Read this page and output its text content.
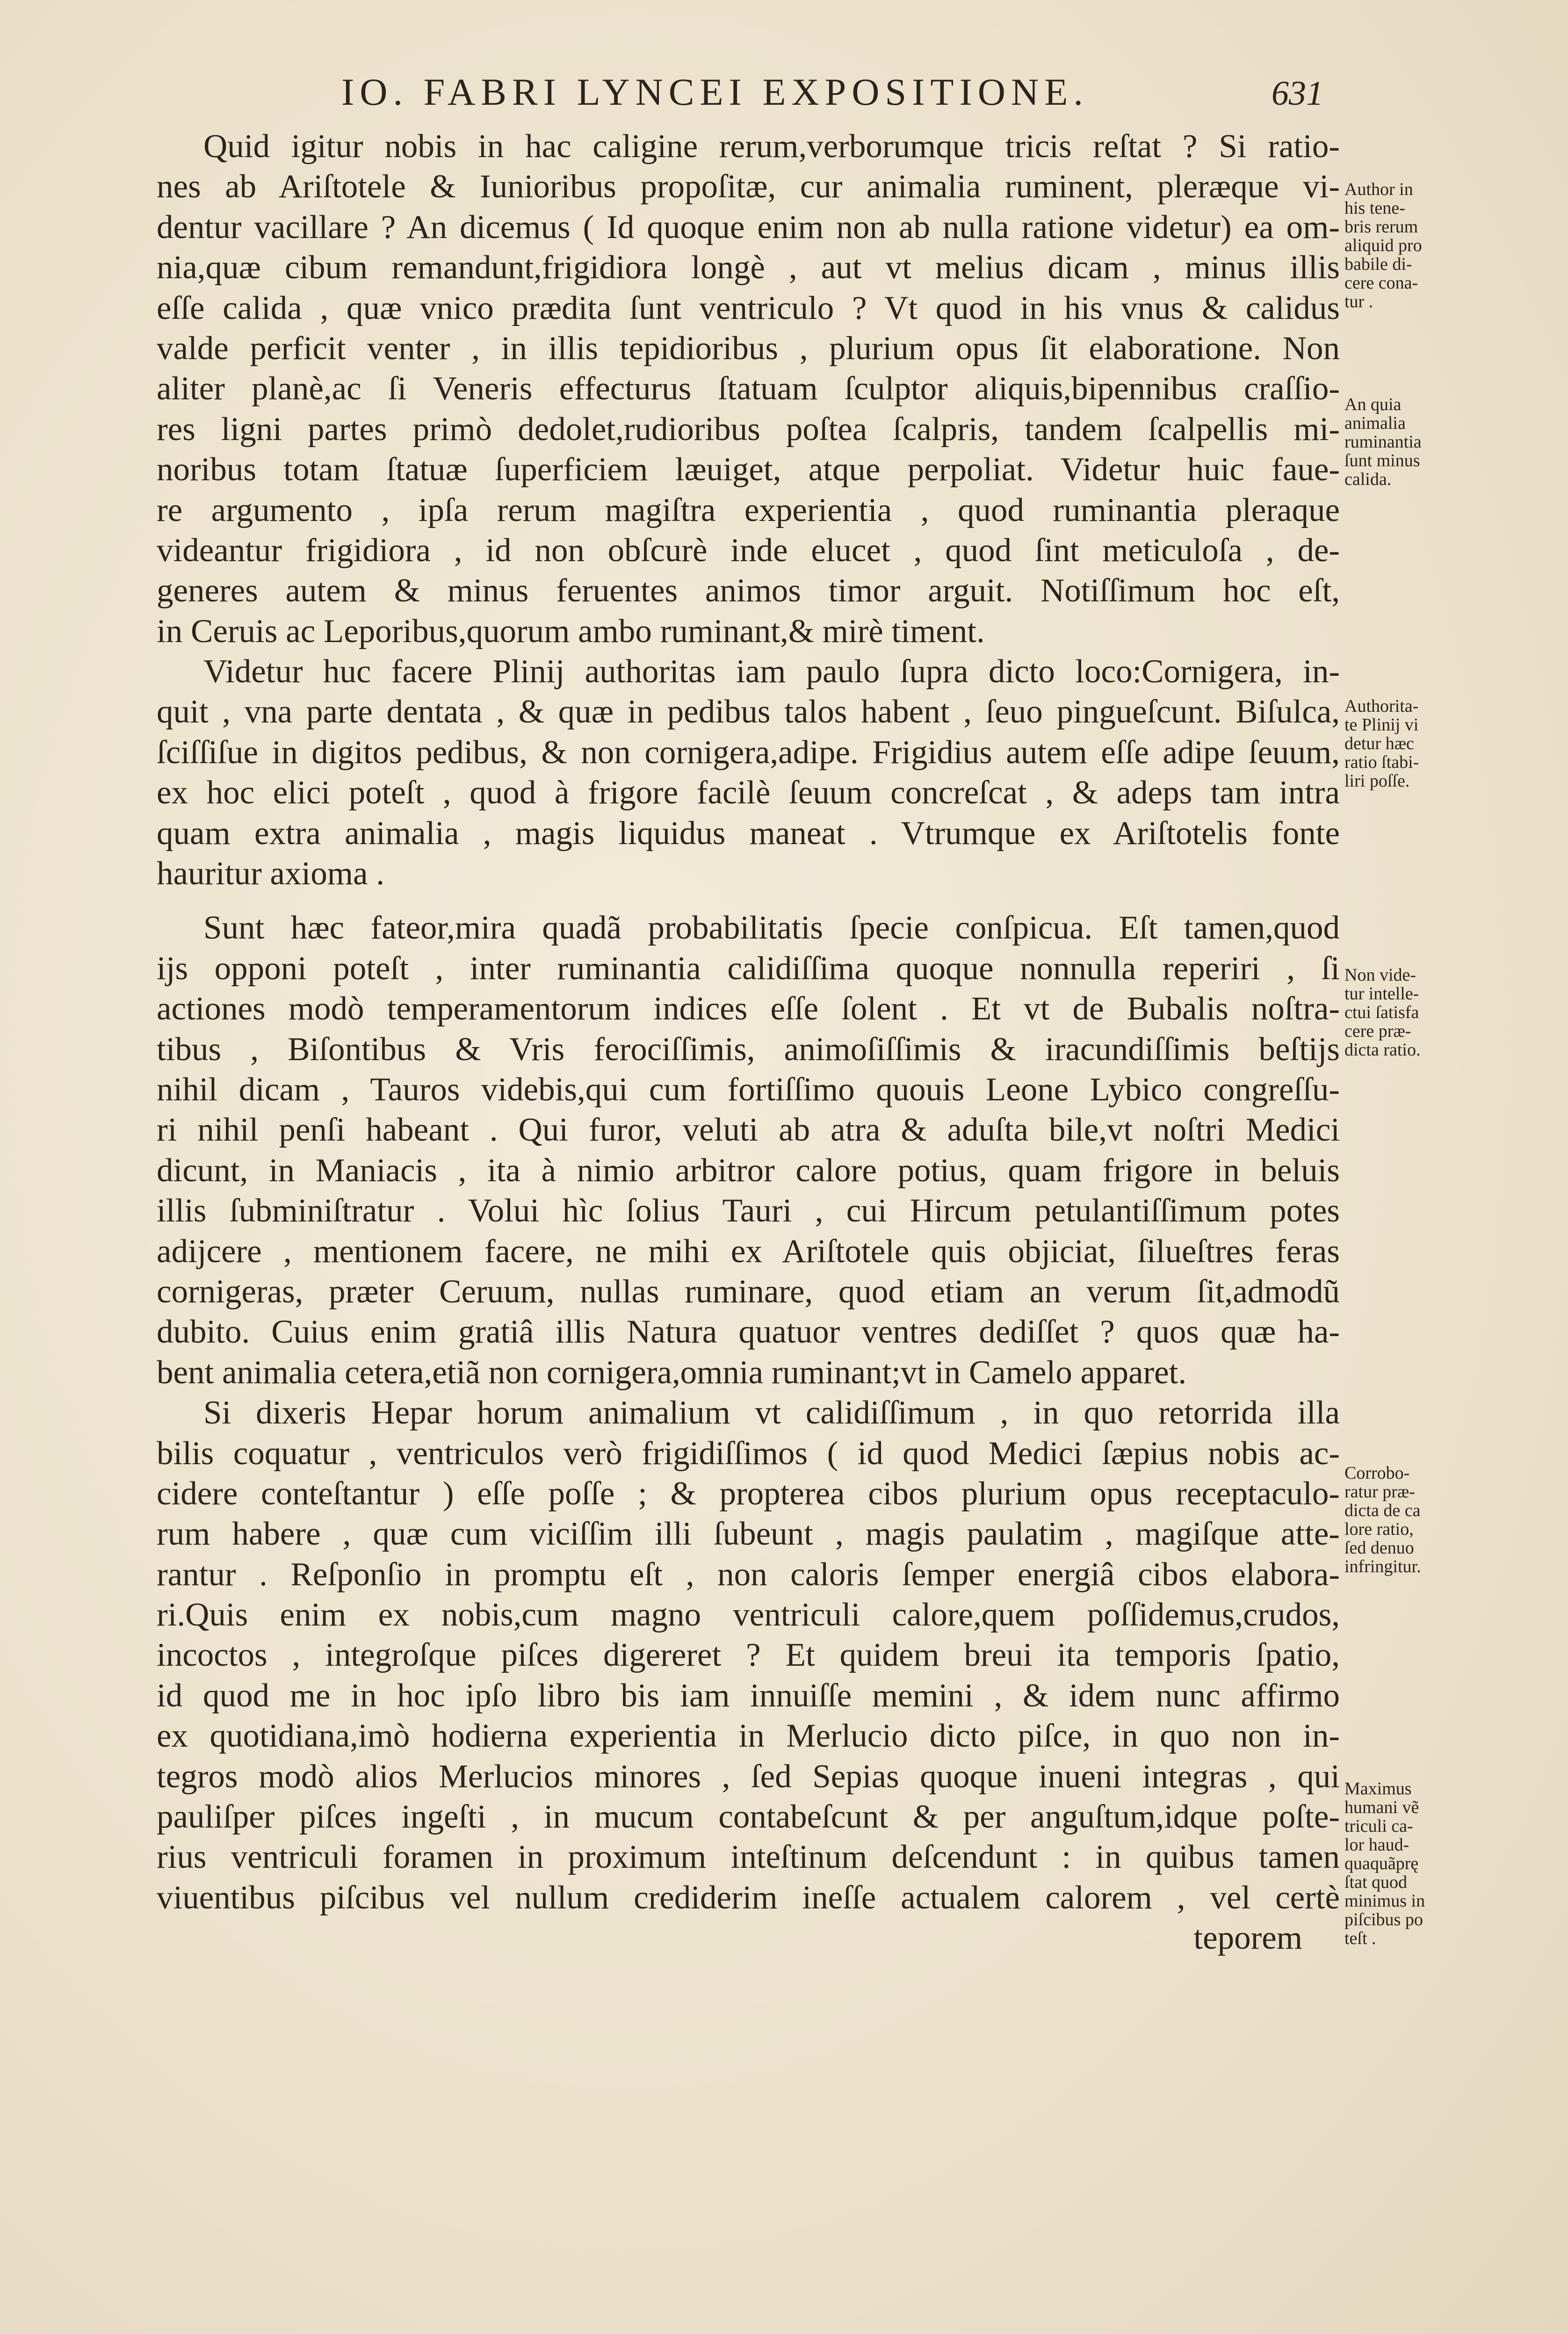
IO. FABRI LYNCEI EXPOSITIONE.	631
Quid igitur nobis in hac caligine rerum,verborumque tricis reſtat ? Si ratio-
nes ab Ariſtotele & Iunioribus propoſitæ, cur animalia ruminent, pleræque vi-
dentur vacillare ? An dicemus ( Id quoque enim non ab nulla ratione videtur) ea om-
nia,quæ cibum remandunt,frigidiora longè , aut vt melius dicam , minus illis
eſſe calida , quæ vnico prædita ſunt ventriculo ? Vt quod in his vnus & calidus
valde perficit venter , in illis tepidioribus , plurium opus ſit elaboratione. Non
aliter planè,ac ſi Veneris effecturus ſtatuam ſculptor aliquis,bipennibus craſſio-
res ligni partes primò dedolet,rudioribus poſtea ſcalpris, tandem ſcalpellis mi-
noribus totam ſtatuæ ſuperficiem læuiget, atque perpoliat. Videtur huic faue-
re argumento , ipſa rerum magiſtra experientia , quod ruminantia pleraque
videantur frigidiora , id non obſcurè inde elucet , quod ſint meticuloſa , de-
generes autem & minus feruentes animos timor arguit. Notiſſimum hoc eſt,
in Ceruis ac Leporibus,quorum ambo ruminant,& mirè timent.
Videtur huc facere Plinij authoritas iam paulo ſupra dicto loco:Cornigera, in-
quit , vna parte dentata , & quæ in pedibus talos habent , ſeuo pingueſcunt. Biſulca,
ſciſſiſue in digitos pedibus, & non cornigera,adipe. Frigidius autem eſſe adipe ſeuum,
ex hoc elici poteſt , quod à frigore facilè ſeuum concreſcat , & adeps tam intra
quam extra animalia , magis liquidus maneat . Vtrumque ex Ariſtotelis fonte
hauritur axioma .
Sunt hæc fateor,mira quadã probabilitatis ſpecie conſpicua. Eſt tamen,quod
ijs opponi poteſt , inter ruminantia calidiſſima quoque nonnulla reperiri , ſi
actiones modò temperamentorum indices eſſe ſolent . Et vt de Bubalis noſtra-
tibus , Biſontibus & Vris ferociſſimis, animoſiſſimis & iracundiſſimis beſtijs
nihil dicam , Tauros videbis,qui cum fortiſſimo quouis Leone Lybico congreſſu-
ri nihil penſi habeant . Qui furor, veluti ab atra & aduſta bile,vt noſtri Medici
dicunt, in Maniacis , ita à nimio arbitror calore potius, quam frigore in beluis
illis ſubminiſtratur . Volui hìc ſolius Tauri , cui Hircum petulantiſſimum potes
adijcere , mentionem facere, ne mihi ex Ariſtotele quis objiciat, ſilueſtres feras
cornigeras, præter Ceruum, nullas ruminare, quod etiam an verum ſit,admodũ
dubito. Cuius enim gratiâ illis Natura quatuor ventres dediſſet ? quos quæ ha-
bent animalia cetera,etiã non cornigera,omnia ruminant;vt in Camelo apparet.
Si dixeris Hepar horum animalium vt calidiſſimum , in quo retorrida illa
bilis coquatur , ventriculos verò frigidiſſimos ( id quod Medici ſæpius nobis ac-
cidere conteſtantur ) eſſe poſſe ; & propterea cibos plurium opus receptaculo-
rum habere , quæ cum viciſſim illi ſubeunt , magis paulatim , magiſque atte-
rantur . Reſponſio in promptu eſt , non caloris ſemper energiâ cibos elabora-
ri.Quis enim ex nobis,cum magno ventriculi calore,quem poſſidemus,crudos,
incoctos , integroſque piſces digereret ? Et quidem breui ita temporis ſpatio,
id quod me in hoc ipſo libro bis iam innuiſſe memini , & idem nunc affirmo
ex quotidiana,imò hodierna experientia in Merlucio dicto piſce, in quo non in-
tegros modò alios Merlucios minores , ſed Sepias quoque inueni integras , qui
pauliſper piſces ingeſti , in mucum contabeſcunt & per anguſtum,idque poſte-
rius ventriculi foramen in proximum inteſtinum deſcendunt : in quibus tamen
viuentibus piſcibus vel nullum crediderim ineſſe actualem calorem , vel certè
teporem
Author in
his tene-
bris rerum
aliquid pro
babile di-
cere cona-
tur .
An quia
animalia
ruminantia
ſunt minus
calida.
Authorita-
te Plinij vi
detur hæc
ratio ſtabi-
liri poſſe.
Non vide-
tur intelle-
ctui ſatisfa
cere præ-
dicta ratio.
Corrobo-
ratur præ-
dicta de ca
lore ratio,
ſed denuo
infringitur.
Maximus
humani vẽ
triculi ca-
lor haud-
quaquãprę
ſtat quod
minimus in
piſcibus po
teſt .
